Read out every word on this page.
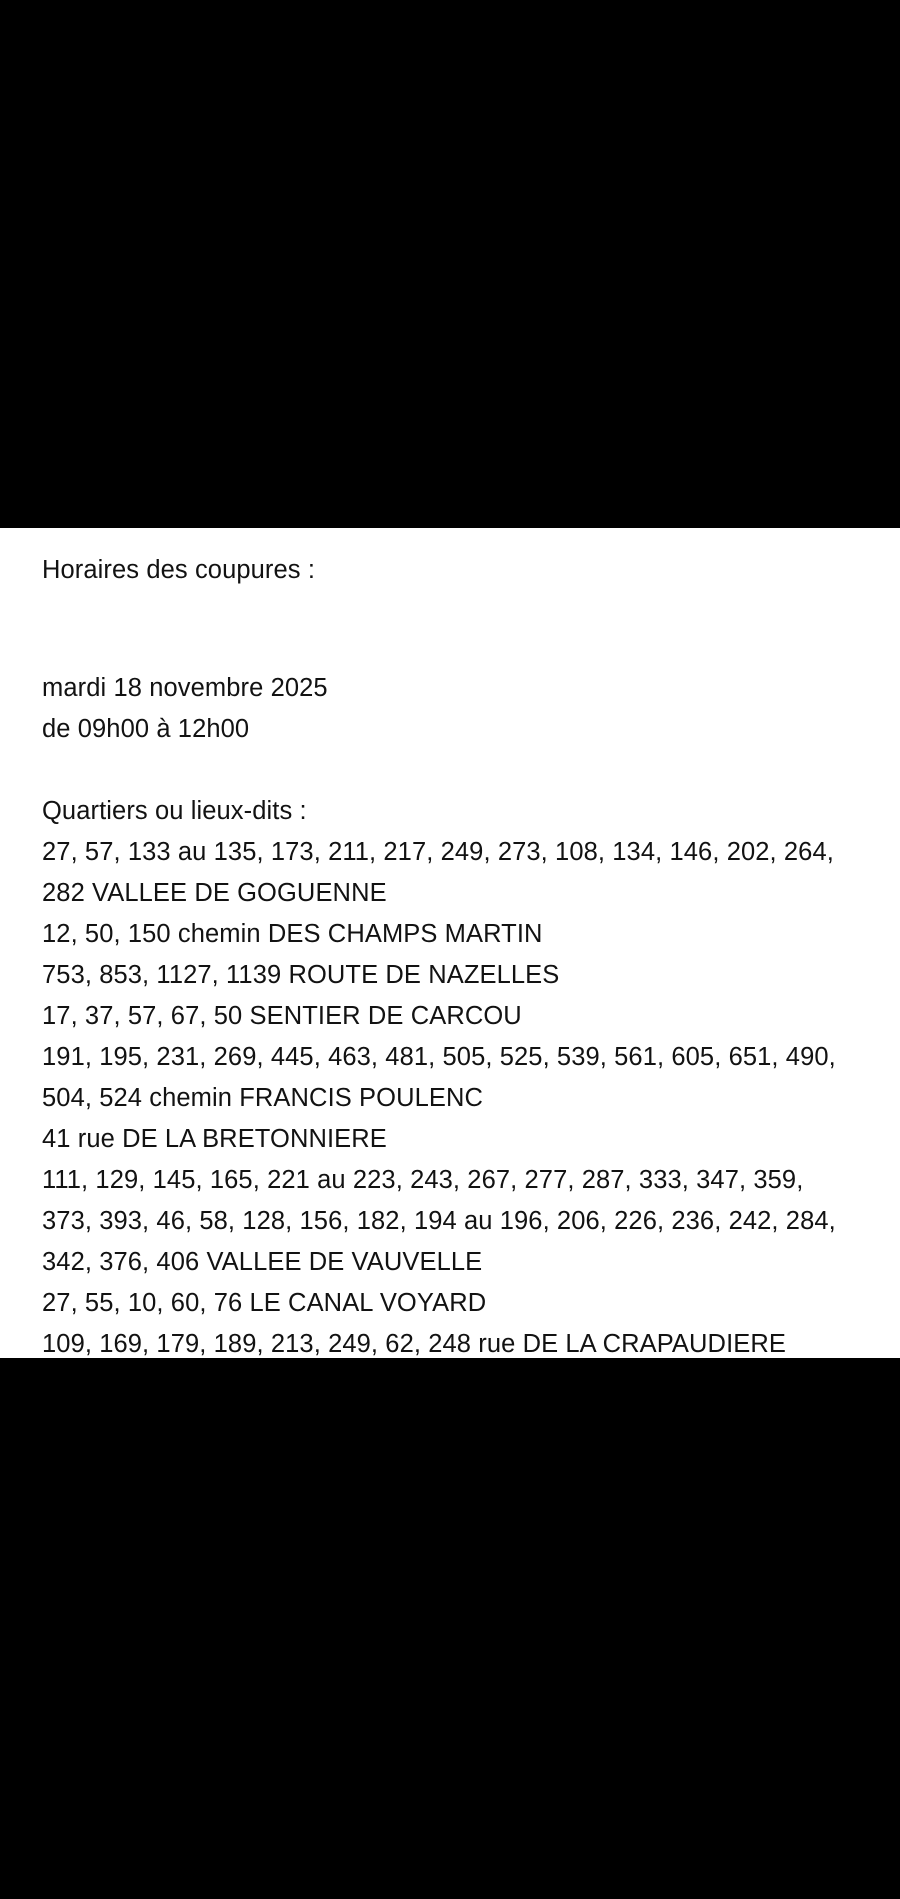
Horaires des coupures :
mardi 18 novembre 2025
de 09h00 à 12h00
Quartiers ou lieux-dits :

27, 57, 133 au 135, 173, 211, 217, 249, 273, 108, 134, 146, 202, 264, 282 VALLEE DE GOGUENNE

12, 50, 150 chemin DES CHAMPS MARTIN

753, 853, 1127, 1139 ROUTE DE NAZELLES

17, 37, 57, 67, 50 SENTIER DE CARCOU

191, 195, 231, 269, 445, 463, 481, 505, 525, 539, 561, 605, 651, 490, 504, 524 chemin FRANCIS POULENC

41 rue DE LA BRETONNIERE

111, 129, 145, 165, 221 au 223, 243, 267, 277, 287, 333, 347, 359, 373, 393, 46, 58, 128, 156, 182, 194 au 196, 206, 226, 236, 242, 284, 342, 376, 406 VALLEE DE VAUVELLE

27, 55, 10, 60, 76 LE CANAL VOYARD

109, 169, 179, 189, 213, 249, 62, 248 rue DE LA CRAPAUDIERE
